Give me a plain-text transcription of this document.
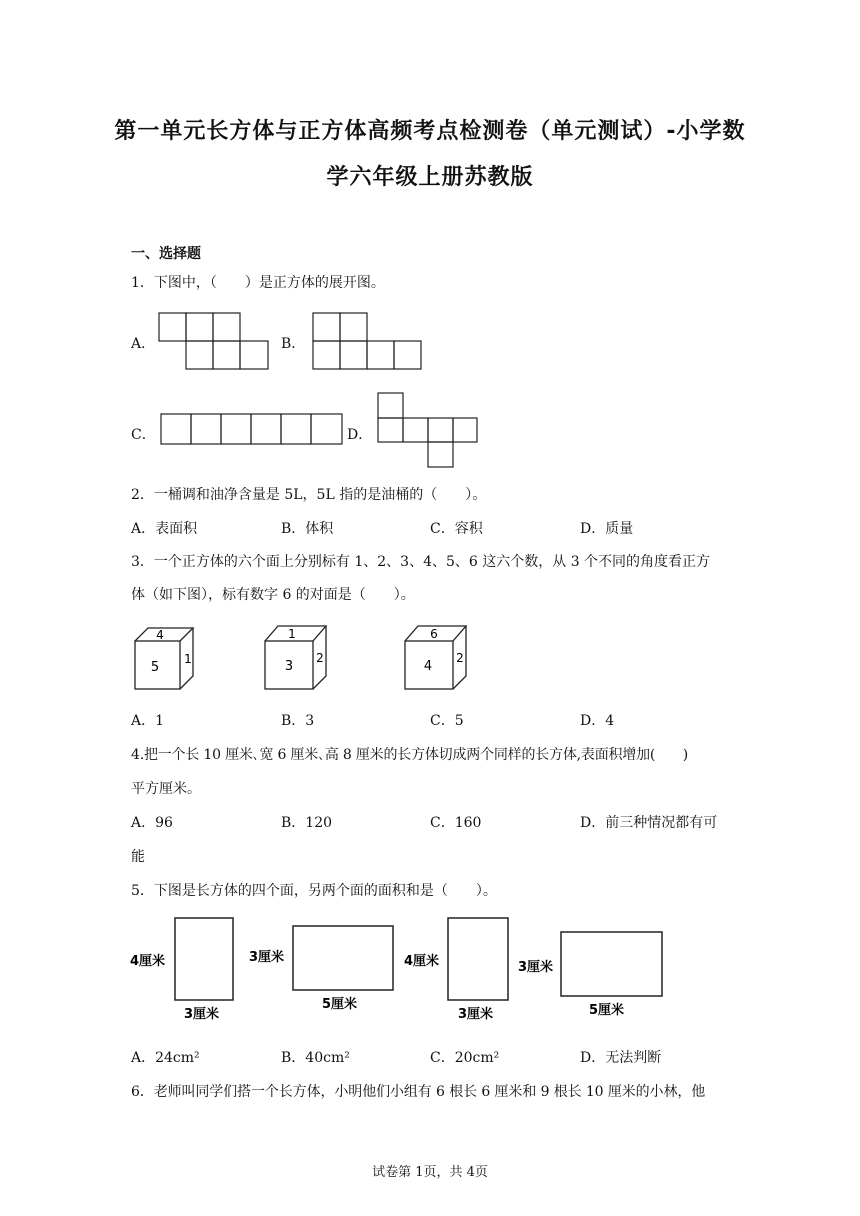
第一单元长方体与正方体高频考点检测卷（单元测试）-小学数
学六年级上册苏教版
一、选择题
1．下图中，（　　）是正方体的展开图。
A．	B．
C．	D．
2．一桶调和油净含量是 5L，5L 指的是油桶的（　　）。
A．表面积	B．体积	C．容积	D．质量
3．一个正方体的六个面上分别标有 1、2、3、4、5、6 这六个数，从 3 个不同的角度看正方
体（如下图），标有数字 6 的对面是（　　）。
4
5
1
1
3
2
6
4
2
A．1	B．3	C．5	D．4
4.把一个长 10 厘米､宽 6 厘米､高 8 厘米的长方体切成两个同样的长方体,表面积增加(　　)
平方厘米。
A．96	B．120	C．160	D．前三种情况都有可
能
5．下图是长方体的四个面，另两个面的面积和是（　　）。
4厘米
3厘米
3厘米
5厘米
4厘米
3厘米
3厘米
5厘米
A．24cm²	B．40cm²	C．20cm²	D．无法判断
6．老师叫同学们搭一个长方体，小明他们小组有 6 根长 6 厘米和 9 根长 10 厘米的小林，他
试卷第 1页，共 4页
